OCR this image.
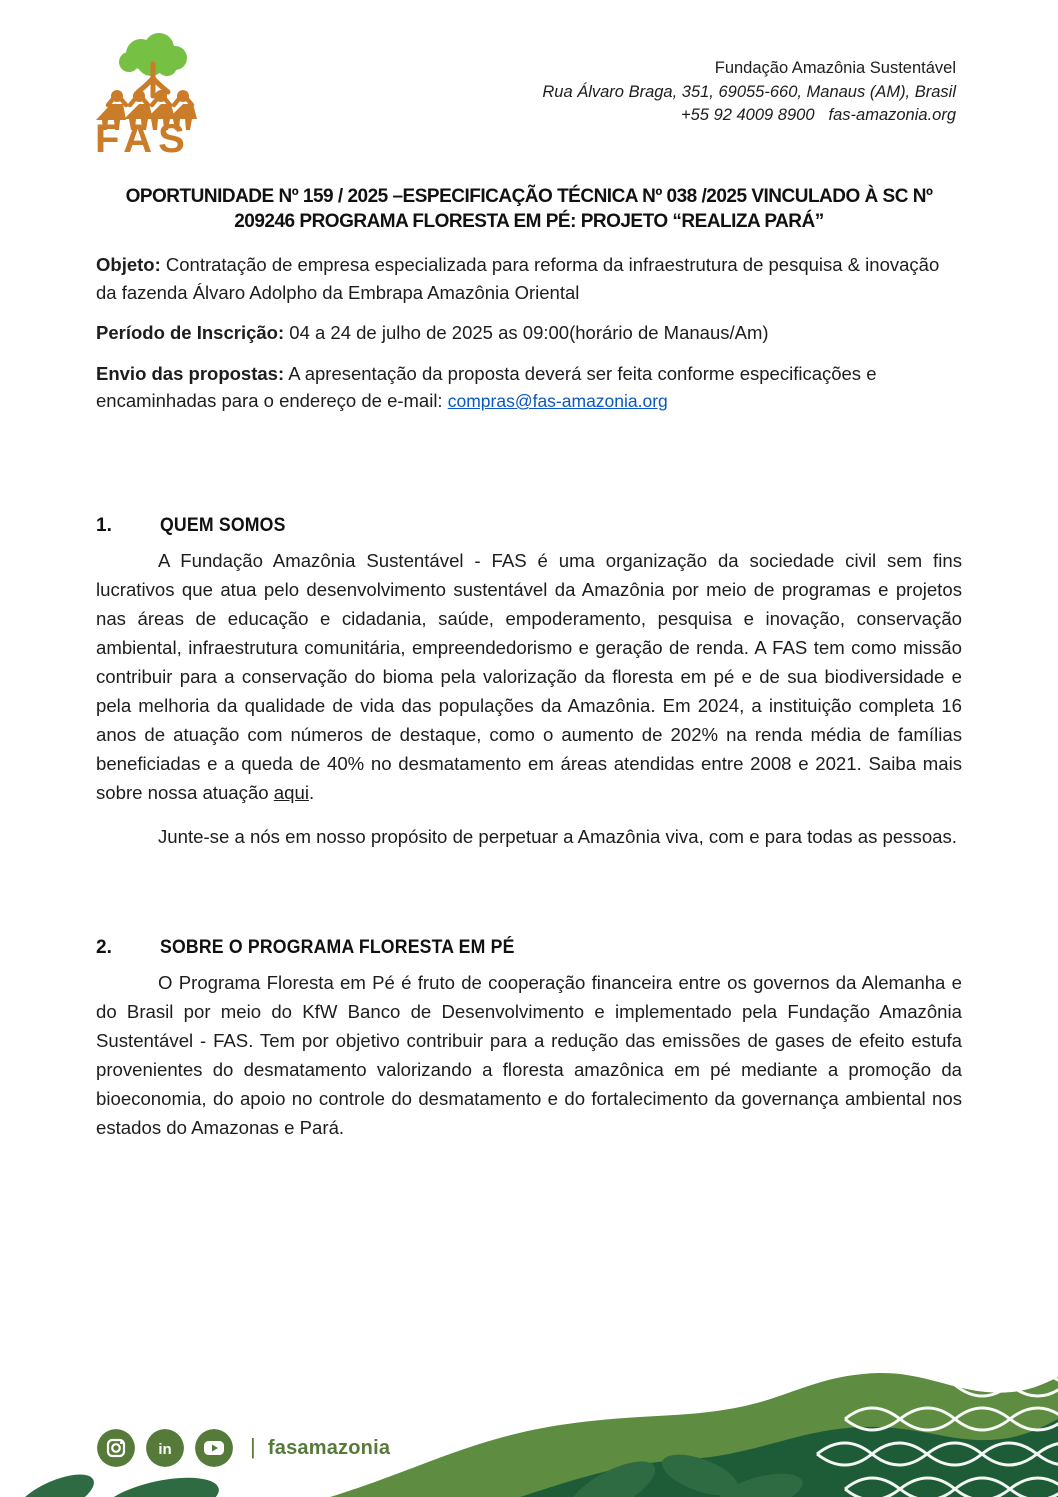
FAS
Fundação Amazônia Sustentável
Rua Álvaro Braga, 351, 69055-660, Manaus (AM), Brasil
+55 92 4009 8900 fas-amazonia.org

OPORTUNIDADE Nº 159 / 2025 –ESPECIFICAÇÃO TÉCNICA Nº 038 /2025 VINCULADO À SC Nº 209246 PROGRAMA FLORESTA EM PÉ: PROJETO “REALIZA PARÁ”

Objeto: Contratação de empresa especializada para reforma da infraestrutura de pesquisa & inovação da fazenda Álvaro Adolpho da Embrapa Amazônia Oriental

Período de Inscrição: 04 a 24 de julho de 2025 as 09:00(horário de Manaus/Am)

Envio das propostas: A apresentação da proposta deverá ser feita conforme especificações e encaminhadas para o endereço de e-mail: compras@fas-amazonia.org

1.	QUEM SOMOS

A Fundação Amazônia Sustentável - FAS é uma organização da sociedade civil sem fins lucrativos que atua pelo desenvolvimento sustentável da Amazônia por meio de programas e projetos nas áreas de educação e cidadania, saúde, empoderamento, pesquisa e inovação, conservação ambiental, infraestrutura comunitária, empreendedorismo e geração de renda. A FAS tem como missão contribuir para a conservação do bioma pela valorização da floresta em pé e de sua biodiversidade e pela melhoria da qualidade de vida das populações da Amazônia. Em 2024, a instituição completa 16 anos de atuação com números de destaque, como o aumento de 202% na renda média de famílias beneficiadas e a queda de 40% no desmatamento em áreas atendidas entre 2008 e 2021. Saiba mais sobre nossa atuação aqui.

Junte-se a nós em nosso propósito de perpetuar a Amazônia viva, com e para todas as pessoas.

2.	SOBRE O PROGRAMA FLORESTA EM PÉ

O Programa Floresta em Pé é fruto de cooperação financeira entre os governos da Alemanha e do Brasil por meio do KfW Banco de Desenvolvimento e implementado pela Fundação Amazônia Sustentável - FAS. Tem por objetivo contribuir para a redução das emissões de gases de efeito estufa provenientes do desmatamento valorizando a floresta amazônica em pé mediante a promoção da bioeconomia, do apoio no controle do desmatamento e do fortalecimento da governança ambiental nos estados do Amazonas e Pará.

in	| fasamazonia
